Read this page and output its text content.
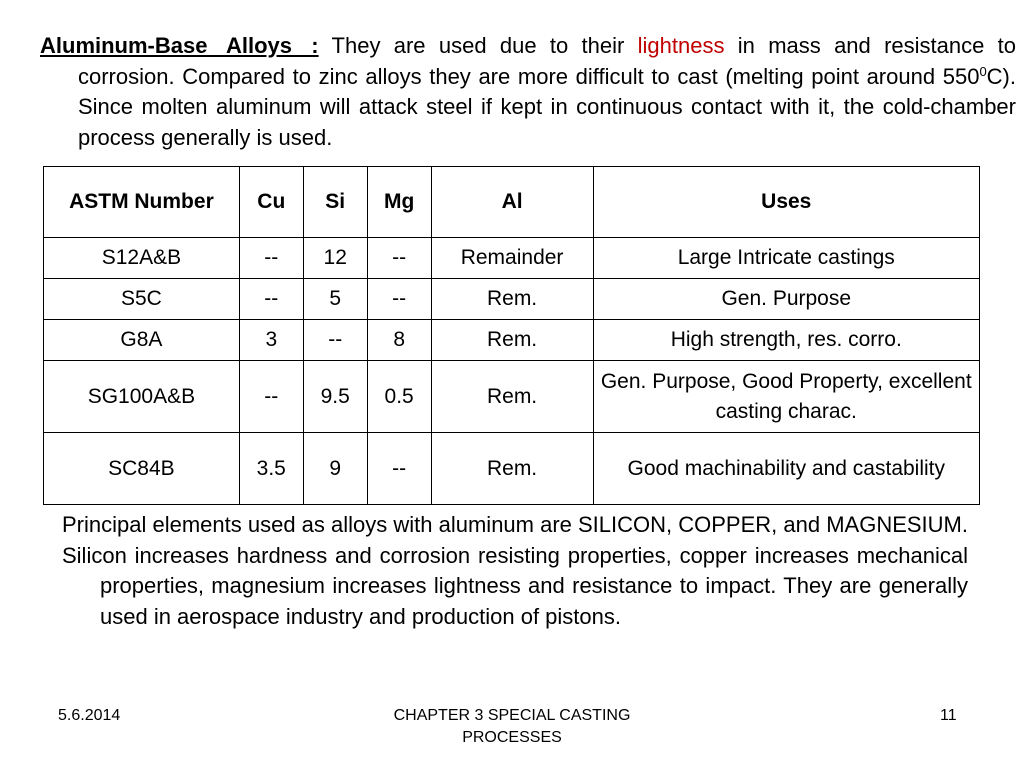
Aluminum-Base Alloys : They are used due to their lightness in mass and resistance to corrosion. Compared to zinc alloys they are more difficult to cast (melting point around $550^0C$). Since molten aluminum will attack steel if kept in continuous contact with it, the cold-chamber process generally is used.

ASTM Number	Cu	Si	Mg	Al	Uses
S12A&B	--	12	--	Remainder	Large Intricate castings
S5C	--	5	--	Rem.	Gen. Purpose
G8A	3	--	8	Rem.	High strength, res. corro.
SG100A&B	--	9.5	0.5	Rem.	Gen. Purpose, Good Property, excellent casting charac.
SC84B	3.5	9	--	Rem.	Good machinability and castability

Principal elements used as alloys with aluminum are SILICON, COPPER, and MAGNESIUM.

Silicon increases hardness and corrosion resisting properties, copper increases mechanical properties, magnesium increases lightness and resistance to impact. They are generally used in aerospace industry and production of pistons.

5.6.2014	CHAPTER 3 SPECIAL CASTING PROCESSES
11
